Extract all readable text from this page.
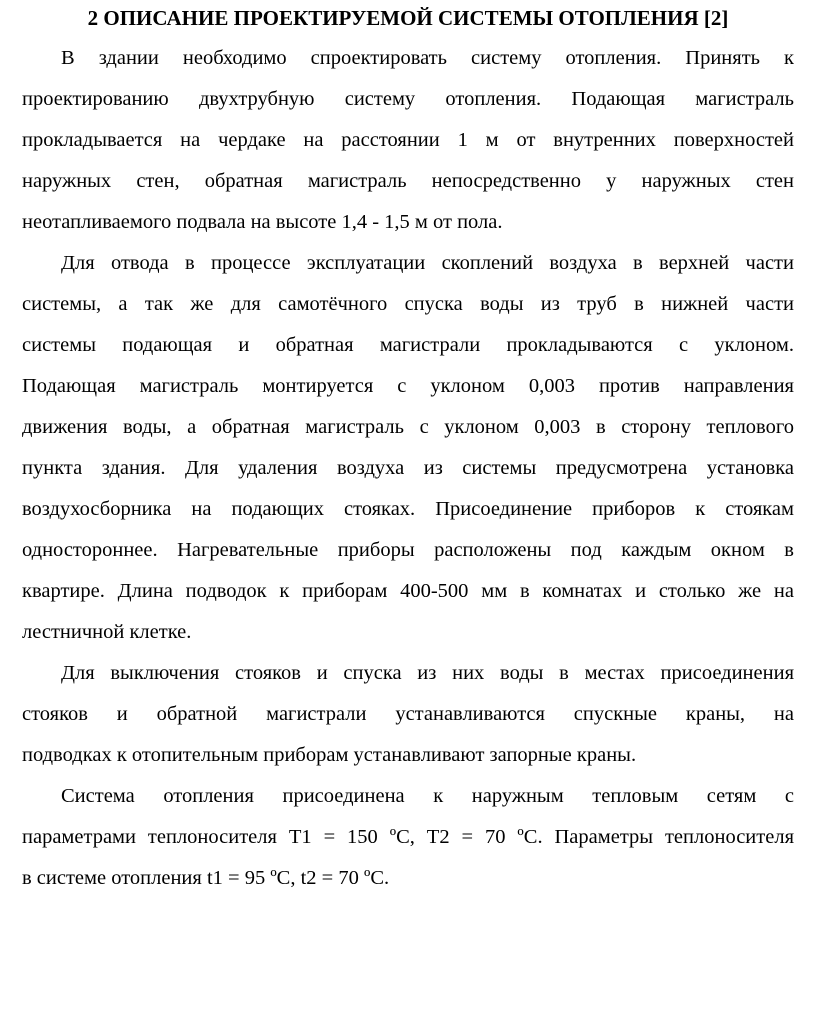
2 ОПИСАНИЕ ПРОЕКТИРУЕМОЙ СИСТЕМЫ ОТОПЛЕНИЯ [2]
В здании необходимо спроектировать систему отопления. Принять к
проектированию двухтрубную систему отопления. Подающая магистраль
прокладывается на чердаке на расстоянии 1 м от внутренних поверхностей
наружных стен, обратная магистраль непосредственно у наружных стен
неотапливаемого подвала на высоте 1,4 - 1,5 м от пола.
Для отвода в процессе эксплуатации скоплений воздуха в верхней части
системы, а так же для самотёчного спуска воды из труб в нижней части
системы подающая и обратная магистрали прокладываются с уклоном.
Подающая магистраль монтируется с уклоном 0,003 против направления
движения воды, а обратная магистраль с уклоном 0,003 в сторону теплового
пункта здания. Для удаления воздуха из системы предусмотрена установка
воздухосборника на подающих стояках. Присоединение приборов к стоякам
одностороннее. Нагревательные приборы расположены под каждым окном в
квартире. Длина подводок к приборам 400-500 мм в комнатах и столько же на
лестничной клетке.
Для выключения стояков и спуска из них воды в местах присоединения
стояков и обратной магистрали устанавливаются спускные краны, на
подводках к отопительным приборам устанавливают запорные краны.
Система отопления присоединена к наружным тепловым сетям с
параметрами теплоносителя Т1 = 150 ºС, Т2 = 70 ºС. Параметры теплоносителя
в системе отопления t1 = 95 ºС, t2 = 70 ºС.
